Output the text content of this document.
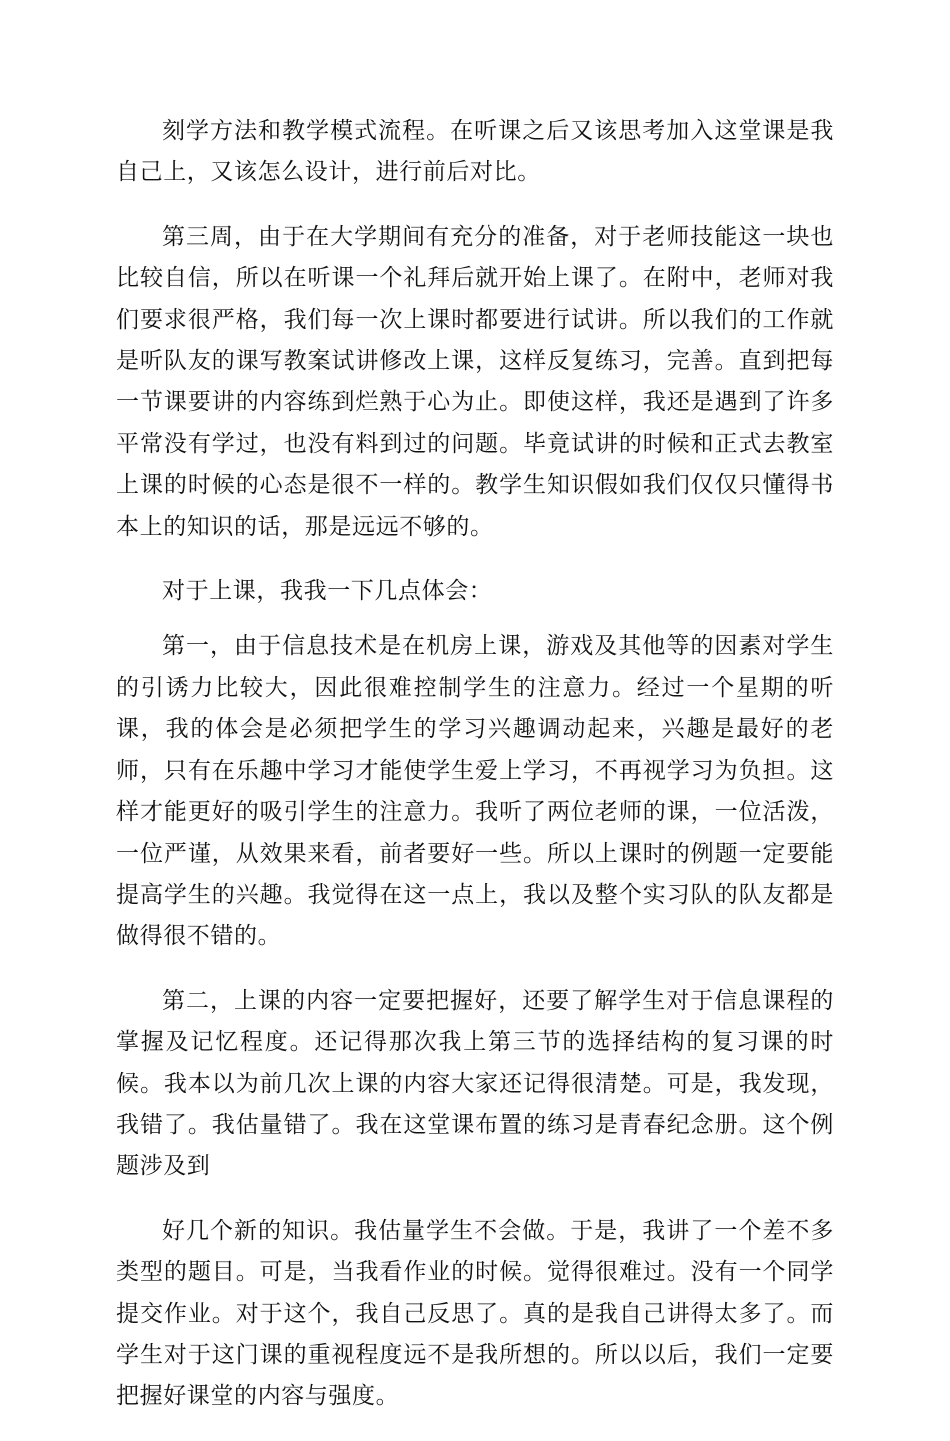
刻学方法和教学模式流程。在听课之后又该思考加入这堂课是我自己上，又该怎么设计，进行前后对比。

第三周，由于在大学期间有充分的准备，对于老师技能这一块也比较自信，所以在听课一个礼拜后就开始上课了。在附中，老师对我们要求很严格，我们每一次上课时都要进行试讲。所以我们的工作就是听队友的课写教案试讲修改上课，这样反复练习，完善。直到把每一节课要讲的内容练到烂熟于心为止。即使这样，我还是遇到了许多平常没有学过，也没有料到过的问题。毕竟试讲的时候和正式去教室上课的时候的心态是很不一样的。教学生知识假如我们仅仅只懂得书本上的知识的话，那是远远不够的。

对于上课，我我一下几点体会：

第一，由于信息技术是在机房上课，游戏及其他等的因素对学生的引诱力比较大，因此很难控制学生的注意力。经过一个星期的听课，我的体会是必须把学生的学习兴趣调动起来，兴趣是最好的老师，只有在乐趣中学习才能使学生爱上学习，不再视学习为负担。这样才能更好的吸引学生的注意力。我听了两位老师的课，一位活泼，一位严谨，从效果来看，前者要好一些。所以上课时的例题一定要能提高学生的兴趣。我觉得在这一点上，我以及整个实习队的队友都是做得很不错的。

第二，上课的内容一定要把握好，还要了解学生对于信息课程的掌握及记忆程度。还记得那次我上第三节的选择结构的复习课的时候。我本以为前几次上课的内容大家还记得很清楚。可是，我发现，我错了。我估量错了。我在这堂课布置的练习是青春纪念册。这个例题涉及到

好几个新的知识。我估量学生不会做。于是，我讲了一个差不多类型的题目。可是，当我看作业的时候。觉得很难过。没有一个同学提交作业。对于这个，我自己反思了。真的是我自己讲得太多了。而学生对于这门课的重视程度远不是我所想的。所以以后，我们一定要把握好课堂的内容与强度。
